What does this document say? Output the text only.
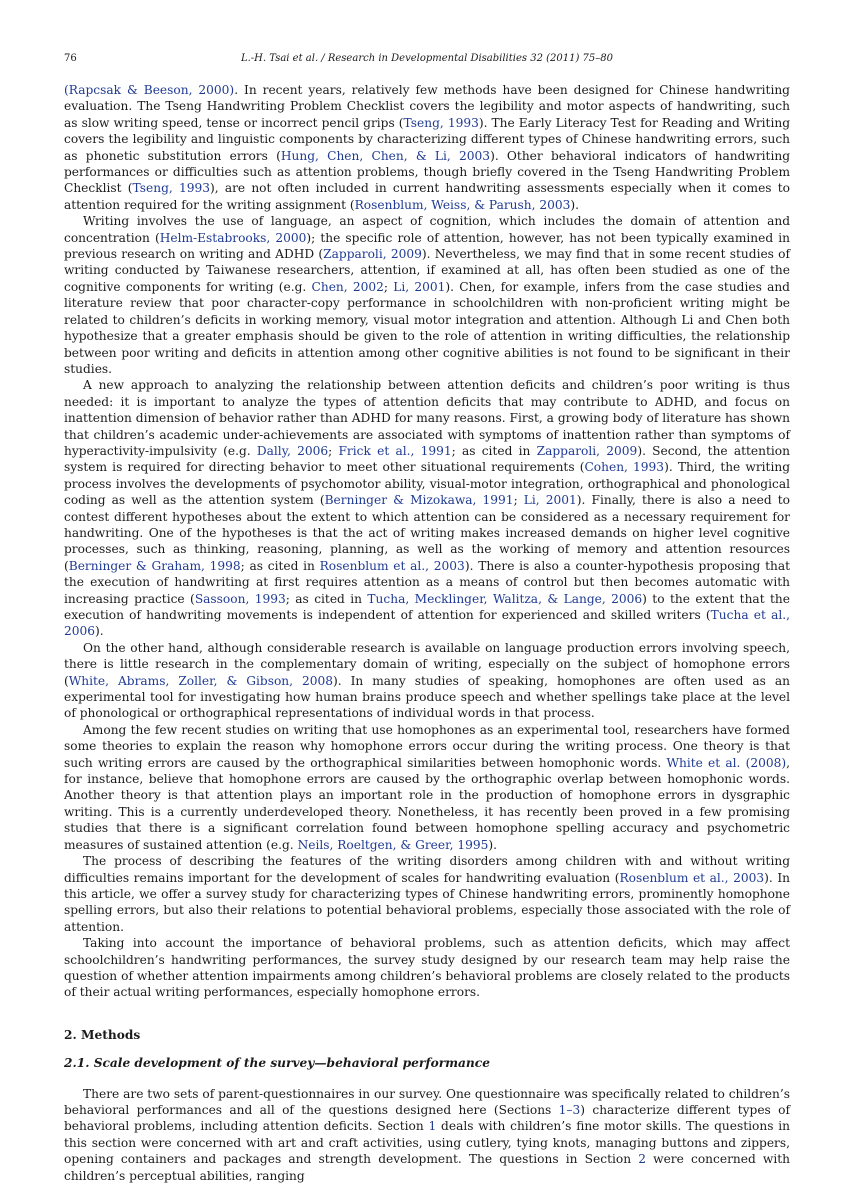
76	L.-H. Tsai et al. / Research in Developmental Disabilities 32 (2011) 75–80

(Rapcsak & Beeson, 2000). In recent years, relatively few methods have been designed for Chinese handwriting evaluation. The Tseng Handwriting Problem Checklist covers the legibility and motor aspects of handwriting, such as slow writing speed, tense or incorrect pencil grips (Tseng, 1993). The Early Literacy Test for Reading and Writing covers the legibility and linguistic components by characterizing different types of Chinese handwriting errors, such as phonetic substitution errors (Hung, Chen, Chen, & Li, 2003). Other behavioral indicators of handwriting performances or difficulties such as attention problems, though briefly covered in the Tseng Handwriting Problem Checklist (Tseng, 1993), are not often included in current handwriting assessments especially when it comes to attention required for the writing assignment (Rosenblum, Weiss, & Parush, 2003).

Writing involves the use of language, an aspect of cognition, which includes the domain of attention and concentration (Helm-Estabrooks, 2000); the specific role of attention, however, has not been typically examined in previous research on writing and ADHD (Zapparoli, 2009). Nevertheless, we may find that in some recent studies of writing conducted by Taiwanese researchers, attention, if examined at all, has often been studied as one of the cognitive components for writing (e.g. Chen, 2002; Li, 2001). Chen, for example, infers from the case studies and literature review that poor character-copy performance in schoolchildren with non-proficient writing might be related to children’s deficits in working memory, visual motor integration and attention. Although Li and Chen both hypothesize that a greater emphasis should be given to the role of attention in writing difficulties, the relationship between poor writing and deficits in attention among other cognitive abilities is not found to be significant in their studies.

A new approach to analyzing the relationship between attention deficits and children’s poor writing is thus needed: it is important to analyze the types of attention deficits that may contribute to ADHD, and focus on inattention dimension of behavior rather than ADHD for many reasons. First, a growing body of literature has shown that children’s academic under-achievements are associated with symptoms of inattention rather than symptoms of hyperactivity-impulsivity (e.g. Dally, 2006; Frick et al., 1991; as cited in Zapparoli, 2009). Second, the attention system is required for directing behavior to meet other situational requirements (Cohen, 1993). Third, the writing process involves the developments of psychomotor ability, visual-motor integration, orthographical and phonological coding as well as the attention system (Berninger & Mizokawa, 1991; Li, 2001). Finally, there is also a need to contest different hypotheses about the extent to which attention can be considered as a necessary requirement for handwriting. One of the hypotheses is that the act of writing makes increased demands on higher level cognitive processes, such as thinking, reasoning, planning, as well as the working of memory and attention resources (Berninger & Graham, 1998; as cited in Rosenblum et al., 2003). There is also a counter-hypothesis proposing that the execution of handwriting at first requires attention as a means of control but then becomes automatic with increasing practice (Sassoon, 1993; as cited in Tucha, Mecklinger, Walitza, & Lange, 2006) to the extent that the execution of handwriting movements is independent of attention for experienced and skilled writers (Tucha et al., 2006).

On the other hand, although considerable research is available on language production errors involving speech, there is little research in the complementary domain of writing, especially on the subject of homophone errors (White, Abrams, Zoller, & Gibson, 2008). In many studies of speaking, homophones are often used as an experimental tool for investigating how human brains produce speech and whether spellings take place at the level of phonological or orthographical representations of individual words in that process.

Among the few recent studies on writing that use homophones as an experimental tool, researchers have formed some theories to explain the reason why homophone errors occur during the writing process. One theory is that such writing errors are caused by the orthographical similarities between homophonic words. White et al. (2008), for instance, believe that homophone errors are caused by the orthographic overlap between homophonic words. Another theory is that attention plays an important role in the production of homophone errors in dysgraphic writing. This is a currently underdeveloped theory. Nonetheless, it has recently been proved in a few promising studies that there is a significant correlation found between homophone spelling accuracy and psychometric measures of sustained attention (e.g. Neils, Roeltgen, & Greer, 1995).

The process of describing the features of the writing disorders among children with and without writing difficulties remains important for the development of scales for handwriting evaluation (Rosenblum et al., 2003). In this article, we offer a survey study for characterizing types of Chinese handwriting errors, prominently homophone spelling errors, but also their relations to potential behavioral problems, especially those associated with the role of attention.

Taking into account the importance of behavioral problems, such as attention deficits, which may affect schoolchildren’s handwriting performances, the survey study designed by our research team may help raise the question of whether attention impairments among children’s behavioral problems are closely related to the products of their actual writing performances, especially homophone errors.

2. Methods
2.1. Scale development of the survey—behavioral performance

There are two sets of parent-questionnaires in our survey. One questionnaire was specifically related to children’s behavioral performances and all of the questions designed here (Sections 1–3) characterize different types of behavioral problems, including attention deficits. Section 1 deals with children’s fine motor skills. The questions in this section were concerned with art and craft activities, using cutlery, tying knots, managing buttons and zippers, opening containers and packages and strength development. The questions in Section 2 were concerned with children’s perceptual abilities, ranging
